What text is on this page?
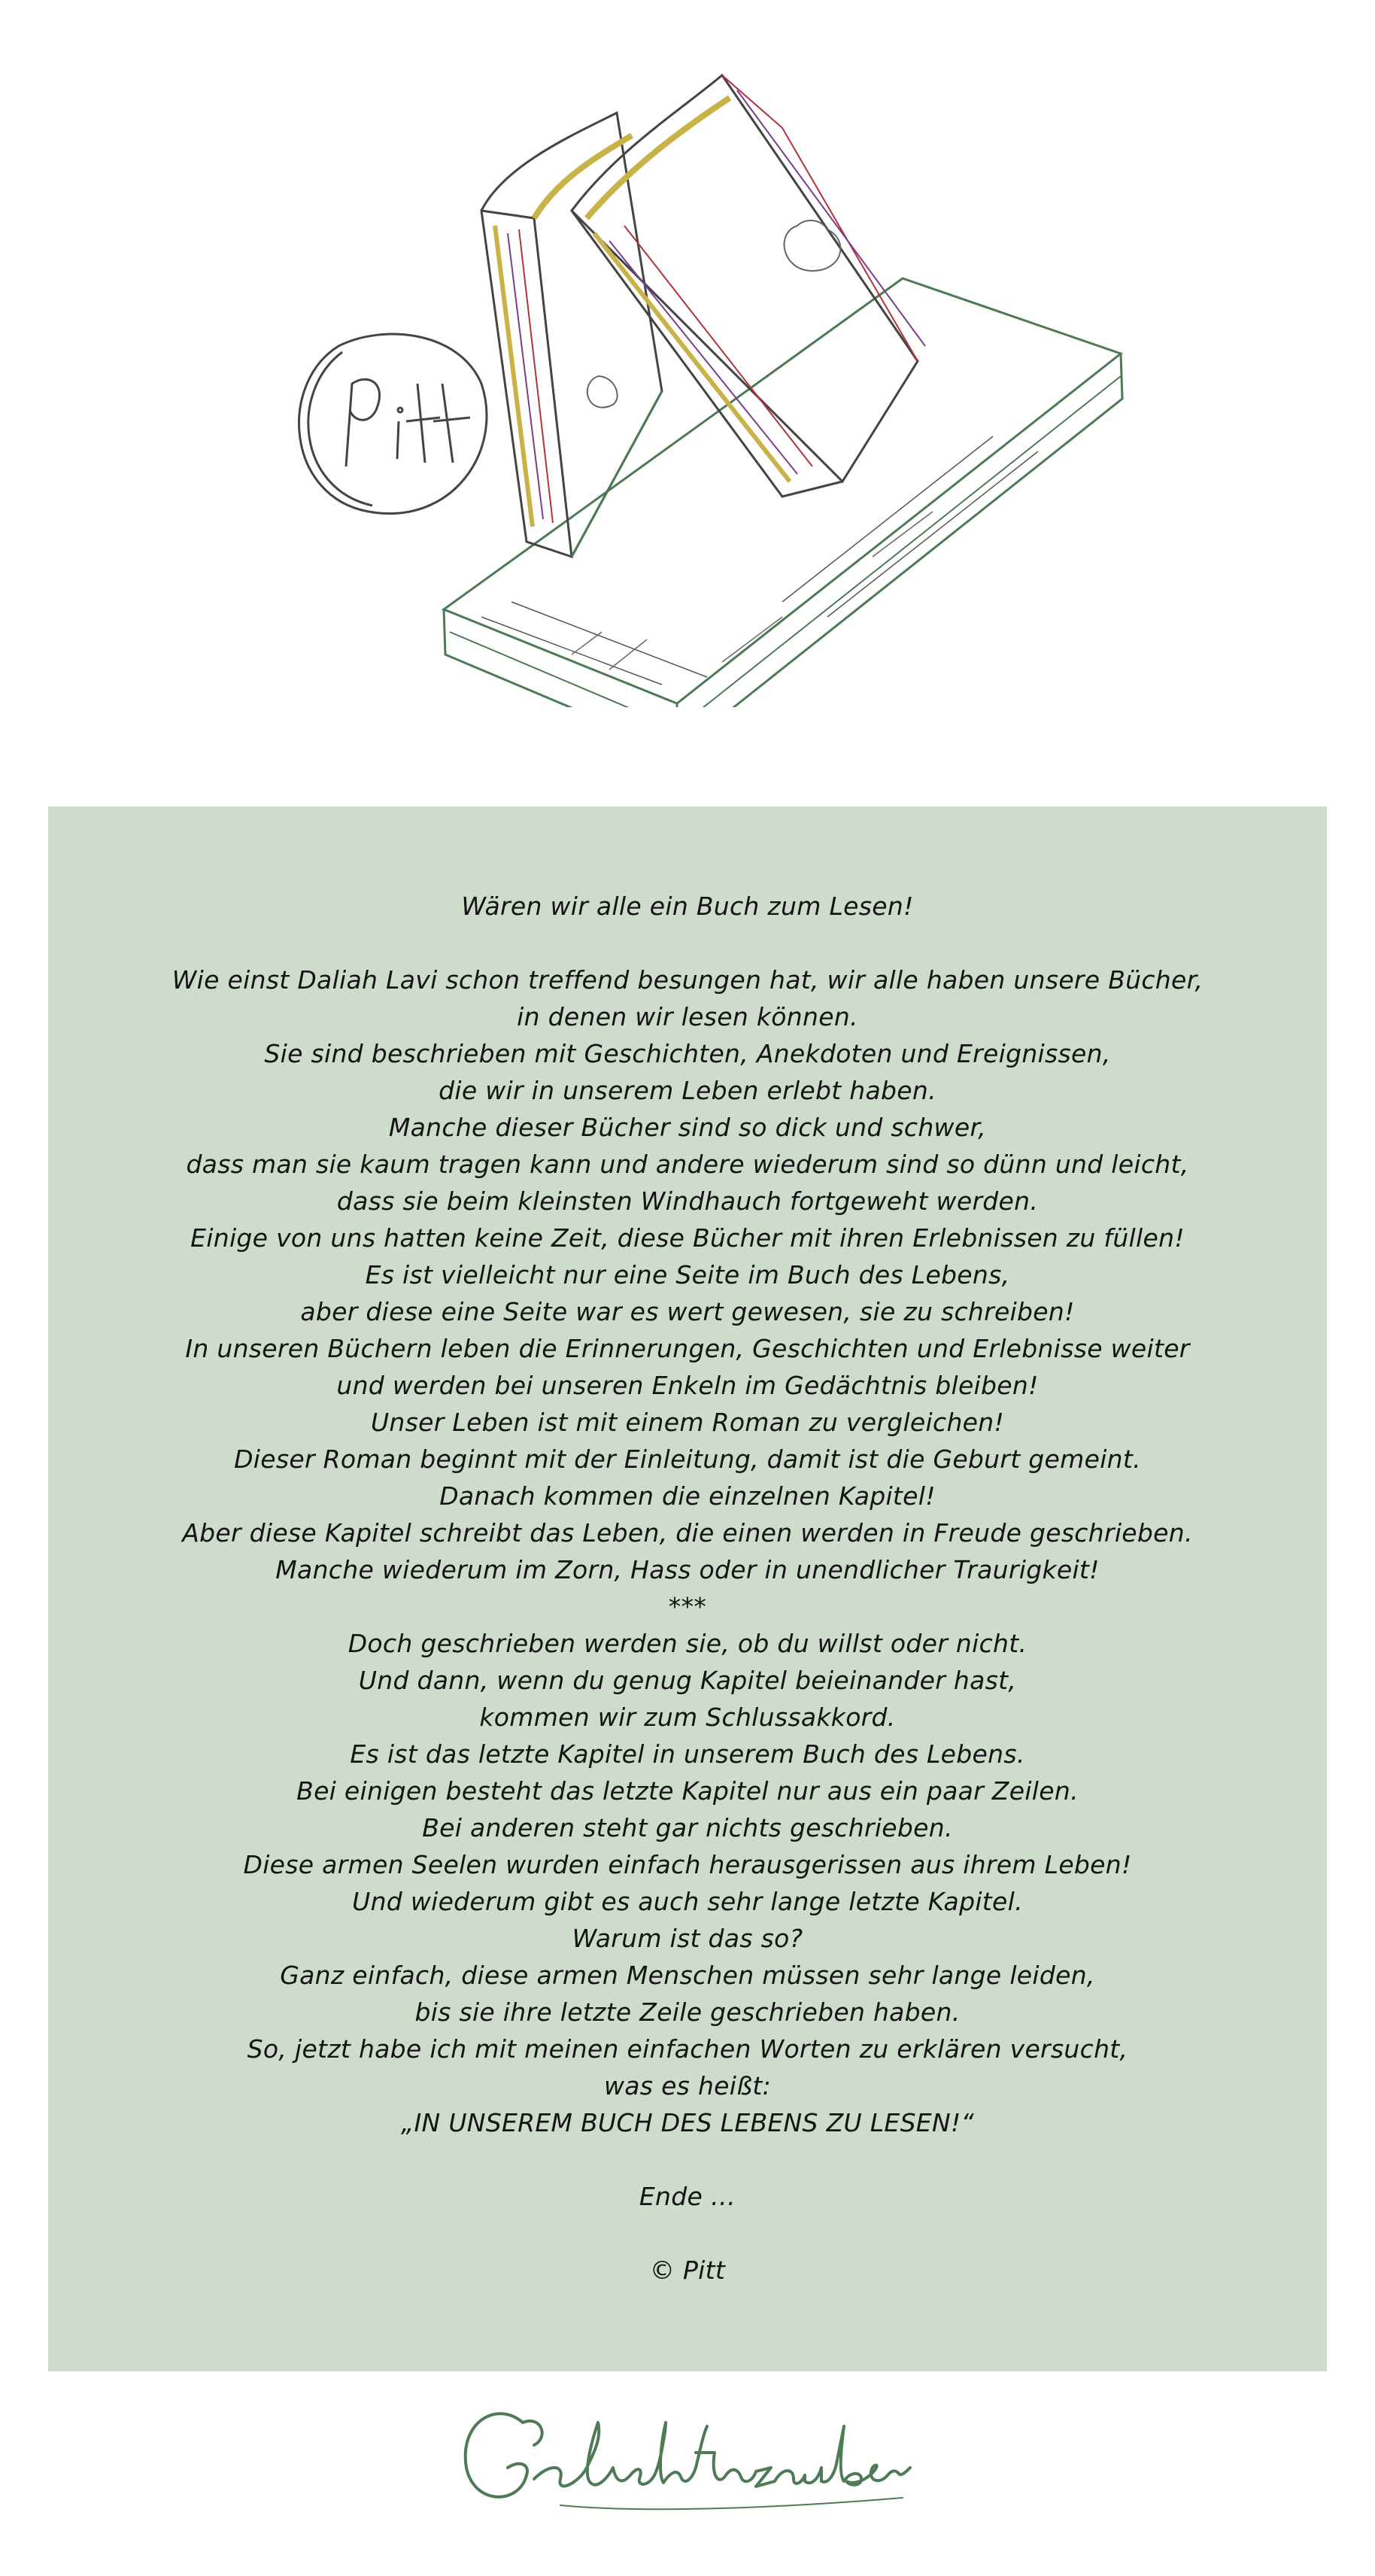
Wären wir alle ein Buch zum Lesen!
Wie einst Daliah Lavi schon treffend besungen hat, wir alle haben unsere Bücher,
in denen wir lesen können.
Sie sind beschrieben mit Geschichten, Anekdoten und Ereignissen,
die wir in unserem Leben erlebt haben.
Manche dieser Bücher sind so dick und schwer,
dass man sie kaum tragen kann und andere wiederum sind so dünn und leicht,
dass sie beim kleinsten Windhauch fortgeweht werden.
Einige von uns hatten keine Zeit, diese Bücher mit ihren Erlebnissen zu füllen!
Es ist vielleicht nur eine Seite im Buch des Lebens,
aber diese eine Seite war es wert gewesen, sie zu schreiben!
In unseren Büchern leben die Erinnerungen, Geschichten und Erlebnisse weiter
und werden bei unseren Enkeln im Gedächtnis bleiben!
Unser Leben ist mit einem Roman zu vergleichen!
Dieser Roman beginnt mit der Einleitung, damit ist die Geburt gemeint.
Danach kommen die einzelnen Kapitel!
Aber diese Kapitel schreibt das Leben, die einen werden in Freude geschrieben.
Manche wiederum im Zorn, Hass oder in unendlicher Traurigkeit!
***
Doch geschrieben werden sie, ob du willst oder nicht.
Und dann, wenn du genug Kapitel beieinander hast,
kommen wir zum Schlussakkord.
Es ist das letzte Kapitel in unserem Buch des Lebens.
Bei einigen besteht das letzte Kapitel nur aus ein paar Zeilen.
Bei anderen steht gar nichts geschrieben.
Diese armen Seelen wurden einfach herausgerissen aus ihrem Leben!
Und wiederum gibt es auch sehr lange letzte Kapitel.
Warum ist das so?
Ganz einfach, diese armen Menschen müssen sehr lange leiden,
bis sie ihre letzte Zeile geschrieben haben.
So, jetzt habe ich mit meinen einfachen Worten zu erklären versucht,
was es heißt:
„IN UNSEREM BUCH DES LEBENS ZU LESEN!“
Ende …
© Pitt
